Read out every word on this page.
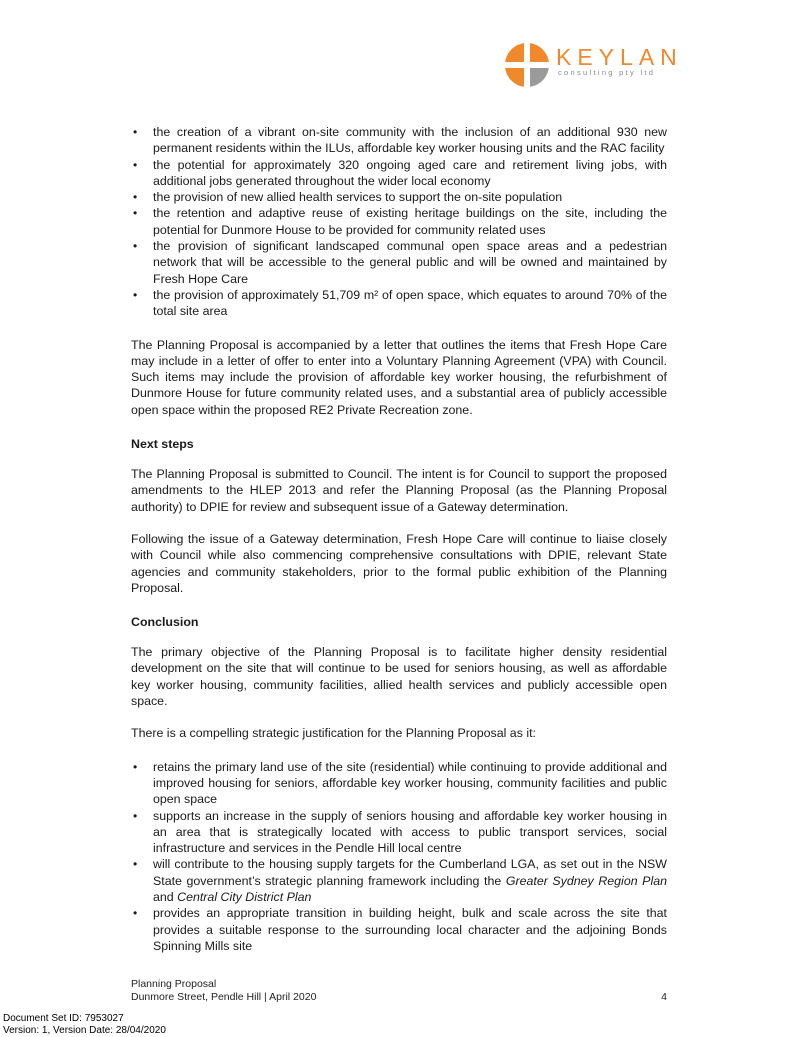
KEYLAN
consulting pty ltd
• the creation of a vibrant on-site community with the inclusion of an additional 930 new permanent residents within the ILUs, affordable key worker housing units and the RAC facility
• the potential for approximately 320 ongoing aged care and retirement living jobs, with additional jobs generated throughout the wider local economy
• the provision of new allied health services to support the on-site population
• the retention and adaptive reuse of existing heritage buildings on the site, including the potential for Dunmore House to be provided for community related uses
• the provision of significant landscaped communal open space areas and a pedestrian network that will be accessible to the general public and will be owned and maintained by Fresh Hope Care
• the provision of approximately 51,709 m² of open space, which equates to around 70% of the total site area

The Planning Proposal is accompanied by a letter that outlines the items that Fresh Hope Care may include in a letter of offer to enter into a Voluntary Planning Agreement (VPA) with Council. Such items may include the provision of affordable key worker housing, the refurbishment of Dunmore House for future community related uses, and a substantial area of publicly accessible open space within the proposed RE2 Private Recreation zone.

Next steps

The Planning Proposal is submitted to Council. The intent is for Council to support the proposed amendments to the HLEP 2013 and refer the Planning Proposal (as the Planning Proposal authority) to DPIE for review and subsequent issue of a Gateway determination.

Following the issue of a Gateway determination, Fresh Hope Care will continue to liaise closely with Council while also commencing comprehensive consultations with DPIE, relevant State agencies and community stakeholders, prior to the formal public exhibition of the Planning Proposal.

Conclusion

The primary objective of the Planning Proposal is to facilitate higher density residential development on the site that will continue to be used for seniors housing, as well as affordable key worker housing, community facilities, allied health services and publicly accessible open space.

There is a compelling strategic justification for the Planning Proposal as it:

• retains the primary land use of the site (residential) while continuing to provide additional and improved housing for seniors, affordable key worker housing, community facilities and public open space
• supports an increase in the supply of seniors housing and affordable key worker housing in an area that is strategically located with access to public transport services, social infrastructure and services in the Pendle Hill local centre
• will contribute to the housing supply targets for the Cumberland LGA, as set out in the NSW State government’s strategic planning framework including the Greater Sydney Region Plan and Central City District Plan
• provides an appropriate transition in building height, bulk and scale across the site that provides a suitable response to the surrounding local character and the adjoining Bonds Spinning Mills site
Planning Proposal
Dunmore Street, Pendle Hill | April 2020	4
Document Set ID: 7953027
Version: 1, Version Date: 28/04/2020
